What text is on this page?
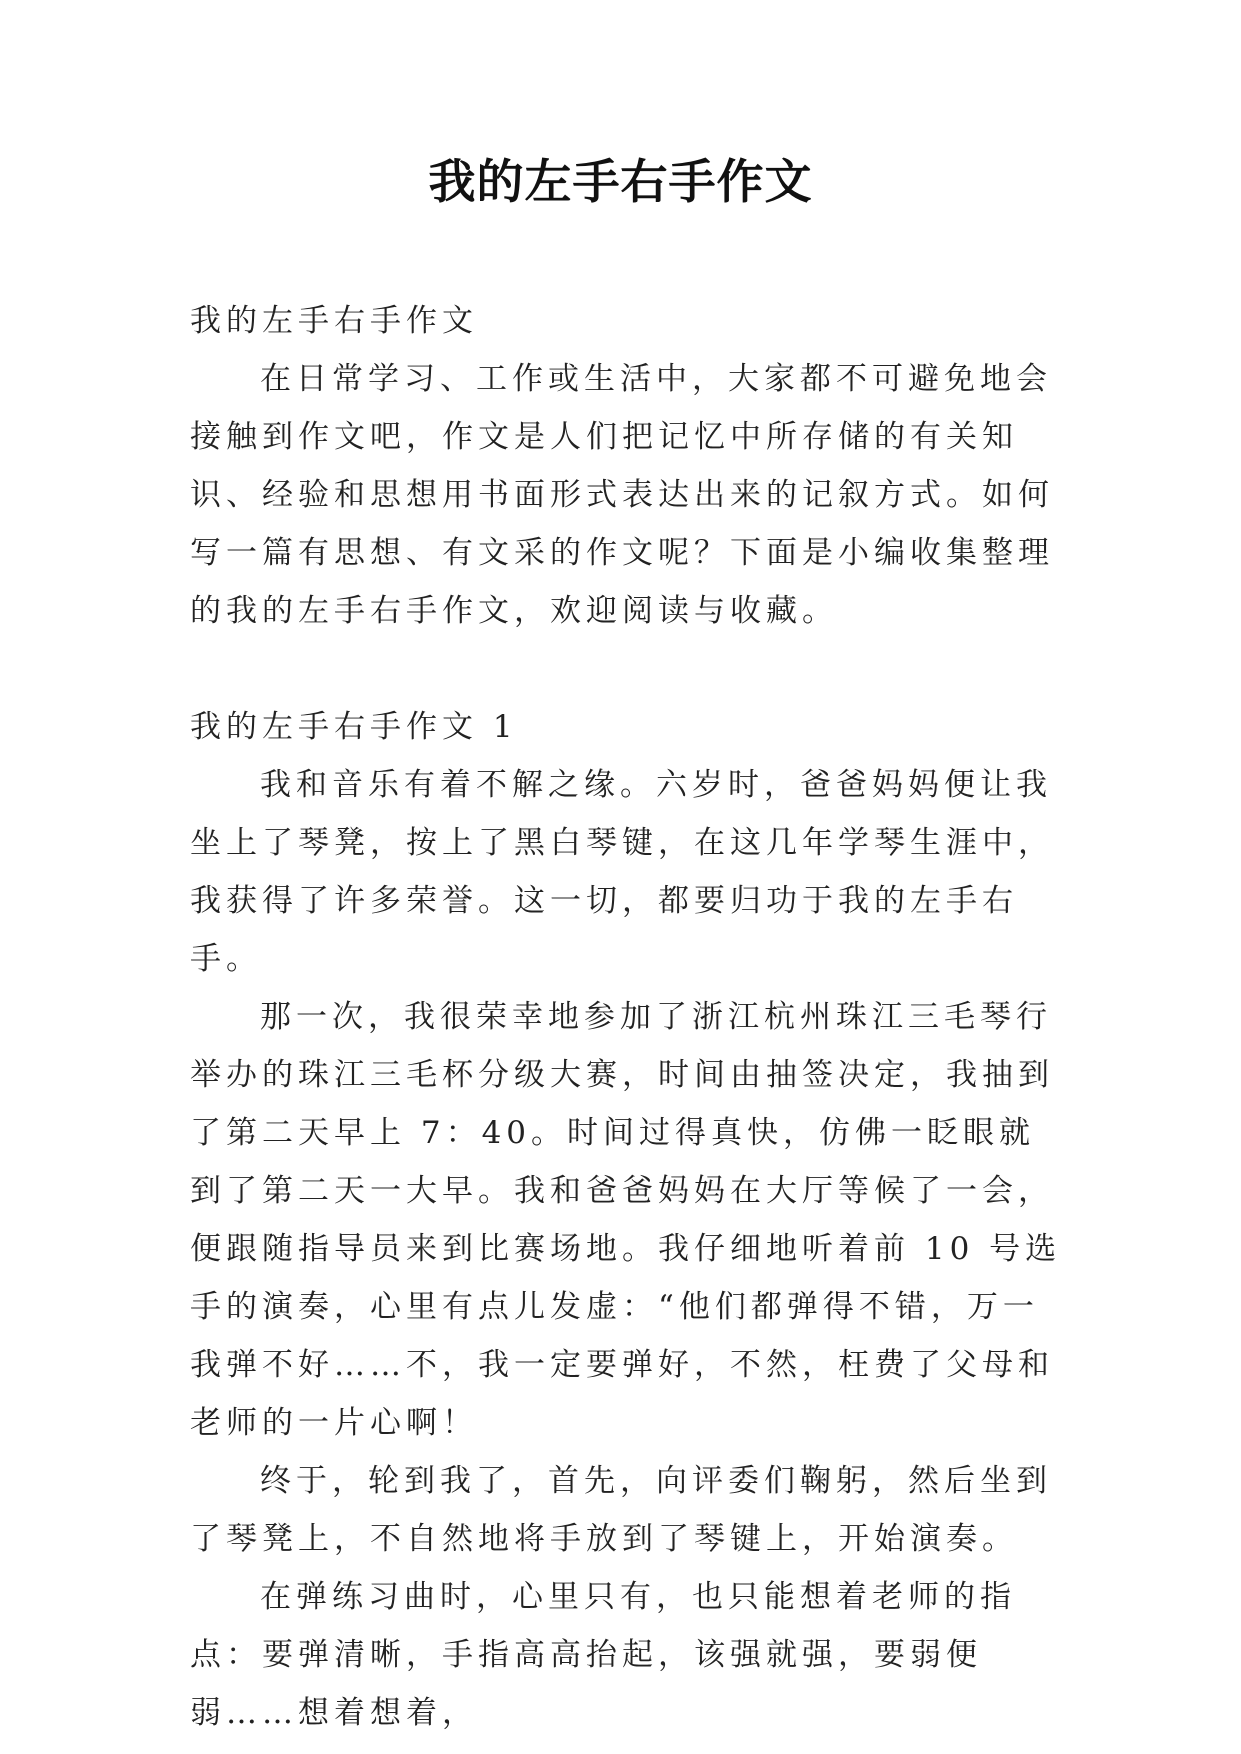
我的左手右手作文

我的左手右手作文

在日常学习、工作或生活中，大家都不可避免地会接触到作文吧，作文是人们把记忆中所存储的有关知识、经验和思想用书面形式表达出来的记叙方式。如何写一篇有思想、有文采的作文呢？下面是小编收集整理的我的左手右手作文，欢迎阅读与收藏。

我的左手右手作文 1

我和音乐有着不解之缘。六岁时，爸爸妈妈便让我坐上了琴凳，按上了黑白琴键，在这几年学琴生涯中，我获得了许多荣誉。这一切，都要归功于我的左手右手。

那一次，我很荣幸地参加了浙江杭州珠江三毛琴行举办的珠江三毛杯分级大赛，时间由抽签决定，我抽到了第二天早上 7：40。时间过得真快，仿佛一眨眼就到了第二天一大早。我和爸爸妈妈在大厅等候了一会，便跟随指导员来到比赛场地。我仔细地听着前 10 号选手的演奏，心里有点儿发虚：“他们都弹得不错，万一我弹不好……不，我一定要弹好，不然，枉费了父母和老师的一片心啊！

终于，轮到我了，首先，向评委们鞠躬，然后坐到了琴凳上，不自然地将手放到了琴键上，开始演奏。

在弹练习曲时，心里只有，也只能想着老师的指点：要弹清晰，手指高高抬起，该强就强，要弱便弱……想着想着，
